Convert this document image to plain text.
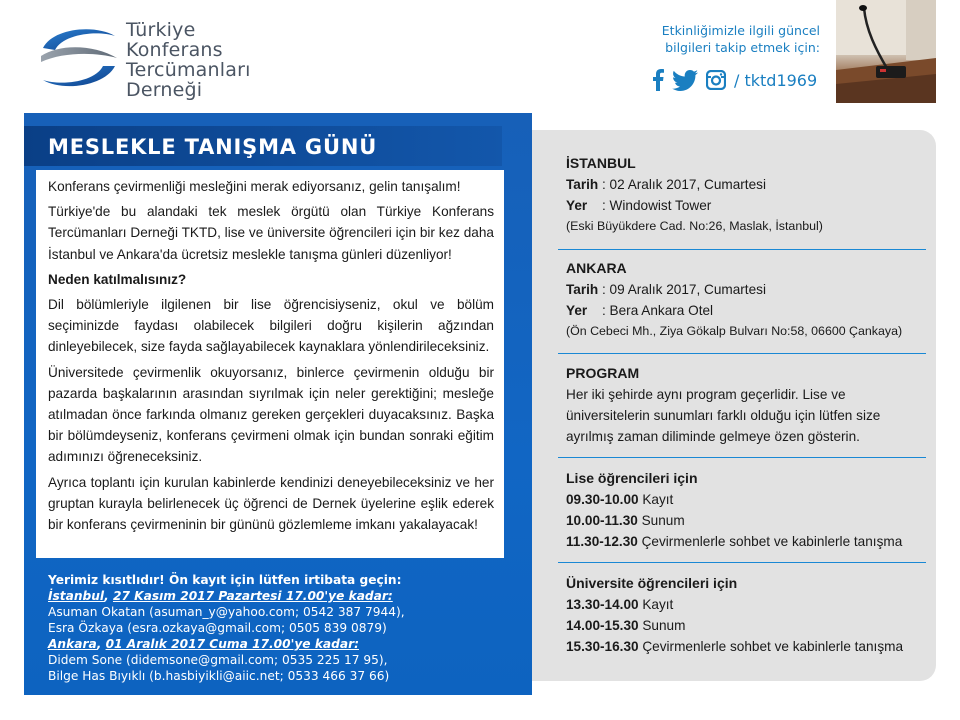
Türkiye
Konferans
Tercümanları
Derneği
Etkinliğimizle ilgili güncel
bilgileri takip etmek için:
/ tktd1969
MESLEKLE TANIŞMA GÜNÜ

Konferans çevirmenliği mesleğini merak ediyorsanız, gelin tanışalım!

Türkiye'de bu alandaki tek meslek örgütü olan Türkiye Konferans Tercümanları Derneği TKTD, lise ve üniversite öğrencileri için bir kez daha İstanbul ve Ankara'da ücretsiz meslekle tanışma günleri düzenliyor!

Neden katılmalısınız?

Dil bölümleriyle ilgilenen bir lise öğrencisiyseniz, okul ve bölüm seçiminizde faydası olabilecek bilgileri doğru kişilerin ağzından dinleyebilecek, size fayda sağlayabilecek kaynaklara yönlendirileceksiniz.

Üniversitede çevirmenlik okuyorsanız, binlerce çevirmenin olduğu bir pazarda başkalarının arasından sıyrılmak için neler gerektiğini; mesleğe atılmadan önce farkında olmanız gereken gerçekleri duyacaksınız. Başka bir bölümdeyseniz, konferans çevirmeni olmak için bundan sonraki eğitim adımınızı öğreneceksiniz.

Ayrıca toplantı için kurulan kabinlerde kendinizi deneyebileceksiniz ve her gruptan kurayla belirlenecek üç öğrenci de Dernek üyelerine eşlik ederek bir konferans çevirmeninin bir gününü gözlemleme imkanı yakalayacak!

Yerimiz kısıtlıdır! Ön kayıt için lütfen irtibata geçin:
İstanbul, 27 Kasım 2017 Pazartesi 17.00'ye kadar:
Asuman Okatan (asuman_y@yahoo.com; 0542 387 7944),
Esra Özkaya (esra.ozkaya@gmail.com; 0505 839 0879)
Ankara, 01 Aralık 2017 Cuma 17.00'ye kadar:
Didem Sone (didemsone@gmail.com; 0535 225 17 95),
Bilge Has Bıyıklı (b.hasbiyikli@aiic.net; 0533 466 37 66)
İSTANBUL
Tarih : 02 Aralık 2017, Cumartesi
Yer : Windowist Tower
(Eski Büyükdere Cad. No:26, Maslak, İstanbul)
ANKARA
Tarih : 09 Aralık 2017, Cumartesi
Yer : Bera Ankara Otel
(Ön Cebeci Mh., Ziya Gökalp Bulvarı No:58, 06600 Çankaya)
PROGRAM
Her iki şehirde aynı program geçerlidir. Lise ve üniversitelerin sunumları farklı olduğu için lütfen size ayrılmış zaman diliminde gelmeye özen gösterin.
Lise öğrencileri için
09.30-10.00 Kayıt
10.00-11.30 Sunum
11.30-12.30 Çevirmenlerle sohbet ve kabinlerle tanışma
Üniversite öğrencileri için
13.30-14.00 Kayıt
14.00-15.30 Sunum
15.30-16.30 Çevirmenlerle sohbet ve kabinlerle tanışma
